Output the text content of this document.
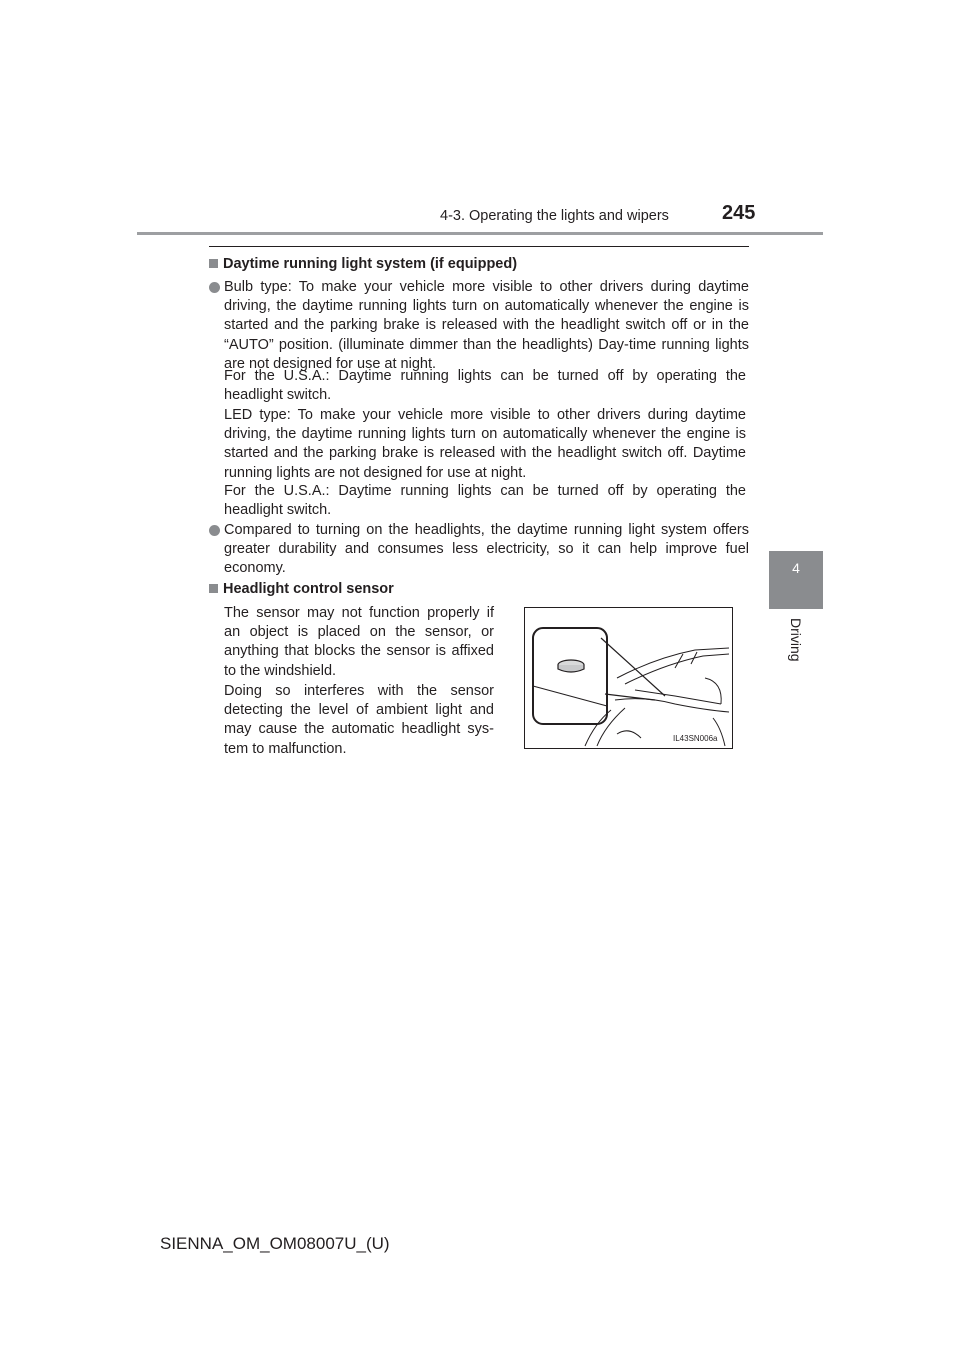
4-3. Operating the lights and wipers	245
4
Driving
Daytime running light system (if equipped)
Bulb type: To make your vehicle more visible to other drivers during daytime driving, the daytime running lights turn on automatically whenever the engine is started and the parking brake is released with the headlight switch off or in the “AUTO” position. (illuminate dimmer than the headlights) Day-time running lights are not designed for use at night.
For the U.S.A.: Daytime running lights can be turned off by operating the headlight switch.
LED type: To make your vehicle more visible to other drivers during daytime driving, the daytime running lights turn on automatically whenever the engine is started and the parking brake is released with the headlight switch off. Daytime running lights are not designed for use at night.
For the U.S.A.: Daytime running lights can be turned off by operating the headlight switch.
Compared to turning on the headlights, the daytime running light system offers greater durability and consumes less electricity, so it can help improve fuel economy.
Headlight control sensor
The sensor may not function properly if an object is placed on the sensor, or anything that blocks the sensor is affixed to the windshield.
Doing so interferes with the sensor detecting the level of ambient light and may cause the automatic headlight sys-tem to malfunction.
IL43SN006a
SIENNA_OM_OM08007U_(U)
